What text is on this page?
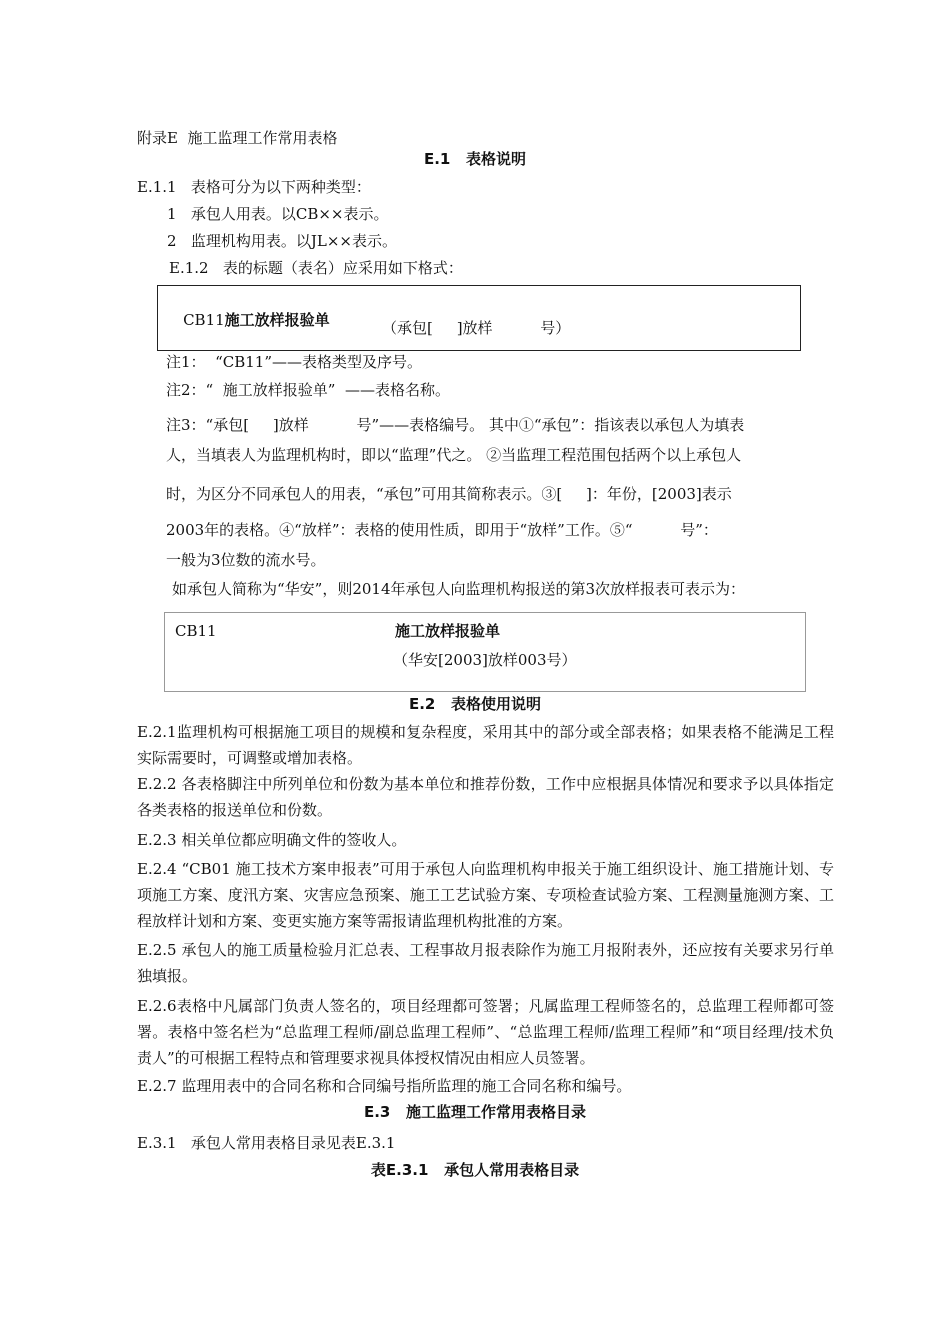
附录E  施工监理工作常用表格
E.1   表格说明
E.1.1   表格可分为以下两种类型：
1   承包人用表。以CB××表示。
2   监理机构用表。以JL××表示。
E.1.2   表的标题（表名）应采用如下格式：

CB11施工放样报验单
	（承包[     ]放样          号）
注1：  “CB11”——表格类型及序号。
注2：“  施工放样报验单”  ——表格名称。
注3：“承包[     ]放样          号”——表格编号。 其中①“承包”：指该表以承包人为填表
人，当填表人为监理机构时，即以“监理”代之。 ②当监理工程范围包括两个以上承包人
时，为区分不同承包人的用表，“承包”可用其简称表示。③[     ]：年份，[2003]表示
2003年的表格。④“放样”：表格的使用性质，即用于“放样”工作。⑤“          号”：
一般为3位数的流水号。
如承包人简称为“华安”，则2014年承包人向监理机构报送的第3次放样报表可表示为：
CB11	施工放样报验单
（华安[2003]放样003号）
E.2   表格使用说明
E.2.1监理机构可根据施工项目的规模和复杂程度，采用其中的部分或全部表格；如果表格不能满足工程实际需要时，可调整或增加表格。
E.2.2 各表格脚注中所列单位和份数为基本单位和推荐份数，工作中应根据具体情况和要求予以具体指定各类表格的报送单位和份数。
E.2.3 相关单位都应明确文件的签收人。
E.2.4 “CB01 施工技术方案申报表”可用于承包人向监理机构申报关于施工组织设计、施工措施计划、专项施工方案、度汛方案、灾害应急预案、施工工艺试验方案、专项检查试验方案、工程测量施测方案、工程放样计划和方案、变更实施方案等需报请监理机构批准的方案。
E.2.5 承包人的施工质量检验月汇总表、工程事故月报表除作为施工月报附表外，还应按有关要求另行单独填报。
E.2.6表格中凡属部门负责人签名的，项目经理都可签署；凡属监理工程师签名的，总监理工程师都可签署。表格中签名栏为“总监理工程师/副总监理工程师”、“总监理工程师/监理工程师”和“项目经理/技术负责人”的可根据工程特点和管理要求视具体授权情况由相应人员签署。
E.2.7 监理用表中的合同名称和合同编号指所监理的施工合同名称和编号。
E.3   施工监理工作常用表格目录
E.3.1   承包人常用表格目录见表E.3.1
表E.3.1   承包人常用表格目录
